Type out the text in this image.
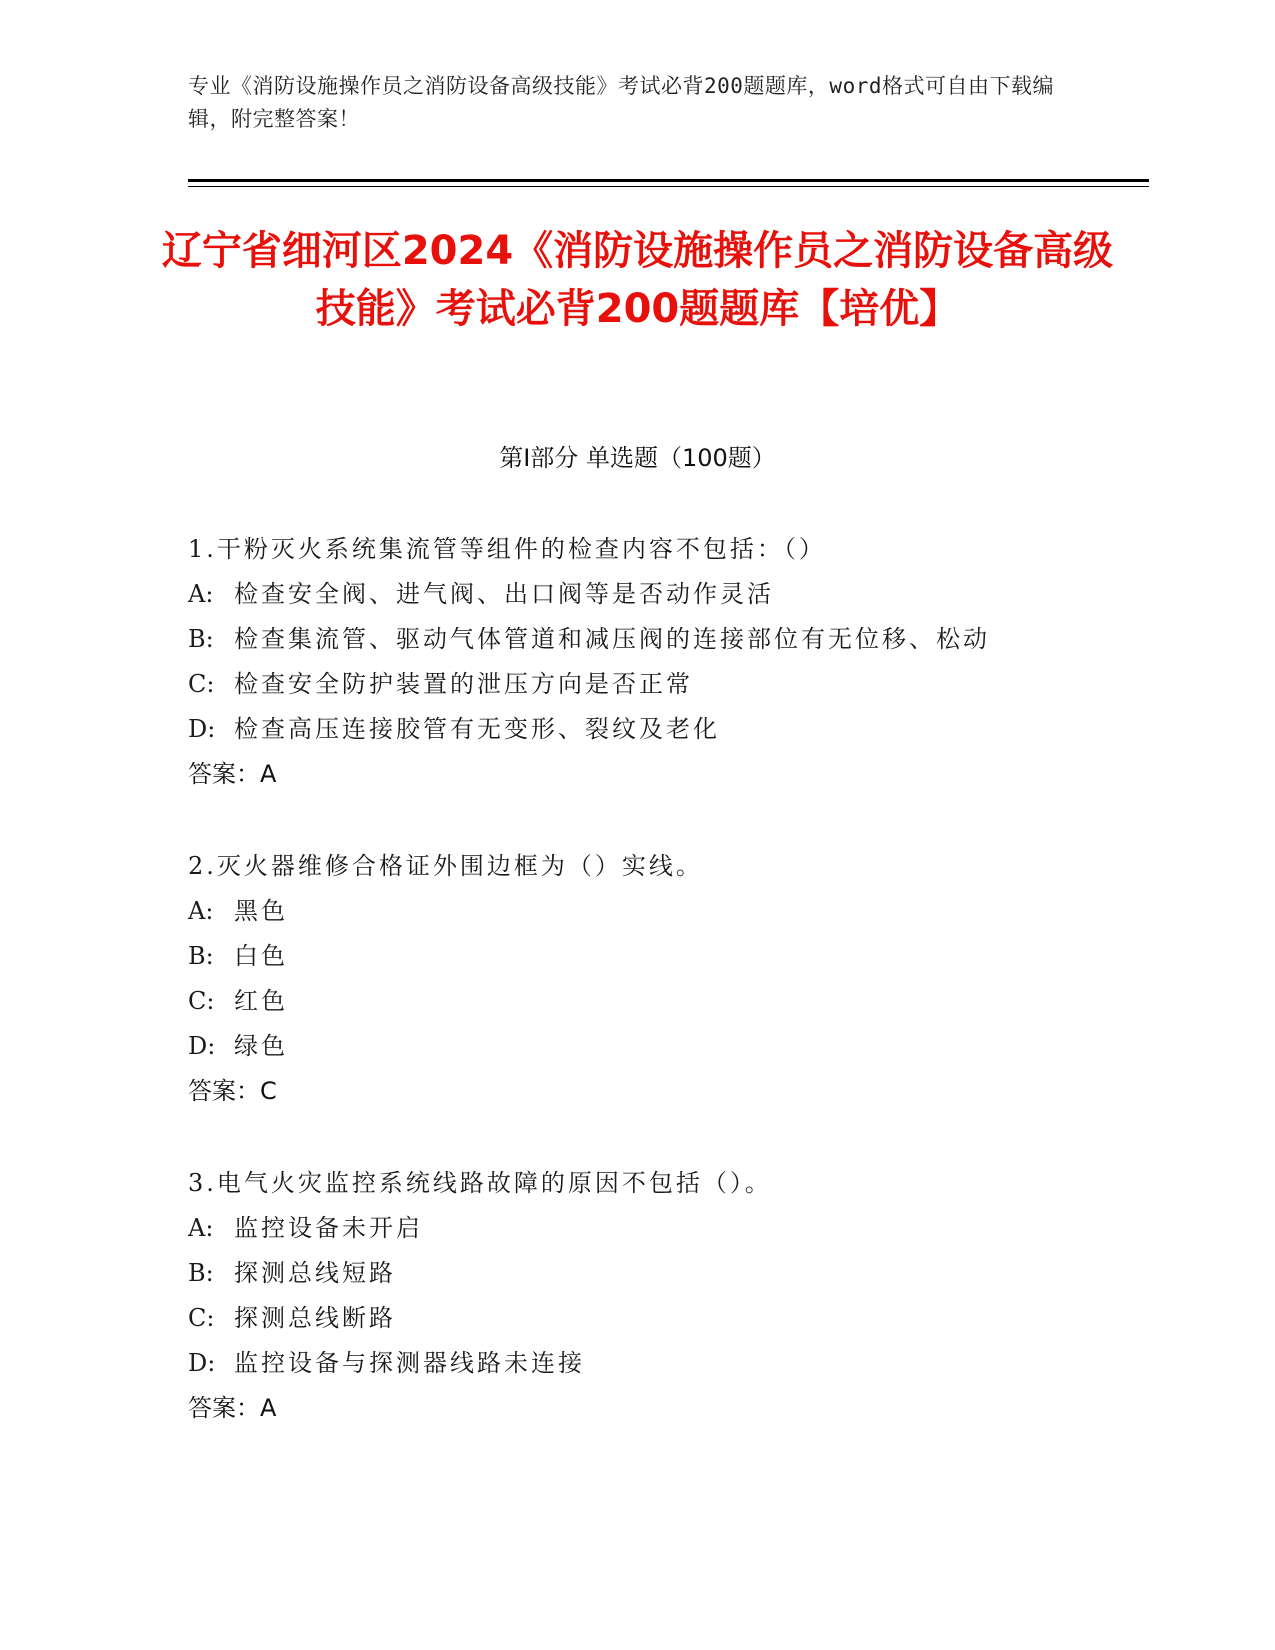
专业《消防设施操作员之消防设备高级技能》考试必背200题题库，word格式可自由下载编辑，附完整答案！
辽宁省细河区2024《消防设施操作员之消防设备高级技能》考试必背200题题库【培优】
第Ⅰ部分 单选题（100题）
1.干粉灭火系统集流管等组件的检查内容不包括：（）
A: 检查安全阀、进气阀、出口阀等是否动作灵活
B: 检查集流管、驱动气体管道和减压阀的连接部位有无位移、松动
C: 检查安全防护装置的泄压方向是否正常
D: 检查高压连接胶管有无变形、裂纹及老化
答案：A
2.灭火器维修合格证外围边框为（）实线。
A: 黑色
B: 白色
C: 红色
D: 绿色
答案：C
3.电气火灾监控系统线路故障的原因不包括（）。
A: 监控设备未开启
B: 探测总线短路
C: 探测总线断路
D: 监控设备与探测器线路未连接
答案：A
